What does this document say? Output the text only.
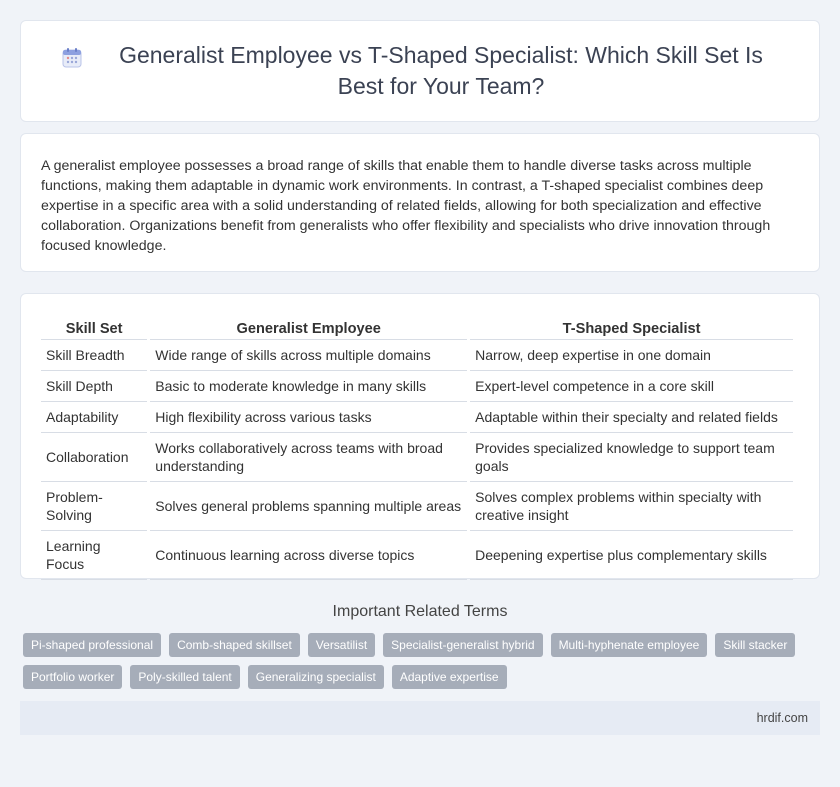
Generalist Employee vs T-Shaped Specialist: Which Skill Set Is Best for Your Team?

A generalist employee possesses a broad range of skills that enable them to handle diverse tasks across multiple functions, making them adaptable in dynamic work environments. In contrast, a T-shaped specialist combines deep expertise in a specific area with a solid understanding of related fields, allowing for both specialization and effective collaboration. Organizations benefit from generalists who offer flexibility and specialists who drive innovation through focused knowledge.

Skill Set	Generalist Employee	T-Shaped Specialist
Skill Breadth	Wide range of skills across multiple domains	Narrow, deep expertise in one domain
Skill Depth	Basic to moderate knowledge in many skills	Expert-level competence in a core skill
Adaptability	High flexibility across various tasks	Adaptable within their specialty and related fields
Collaboration	Works collaboratively across teams with broad understanding	Provides specialized knowledge to support team goals
Problem-Solving	Solves general problems spanning multiple areas	Solves complex problems within specialty with creative insight
Learning Focus	Continuous learning across diverse topics	Deepening expertise plus complementary skills
Important Related Terms
Pi-shaped professional	Comb-shaped skillset	Versatilist	Specialist-generalist hybrid	Multi-hyphenate employee	Skill stacker
Portfolio worker	Poly-skilled talent	Generalizing specialist	Adaptive expertise
hrdif.com
